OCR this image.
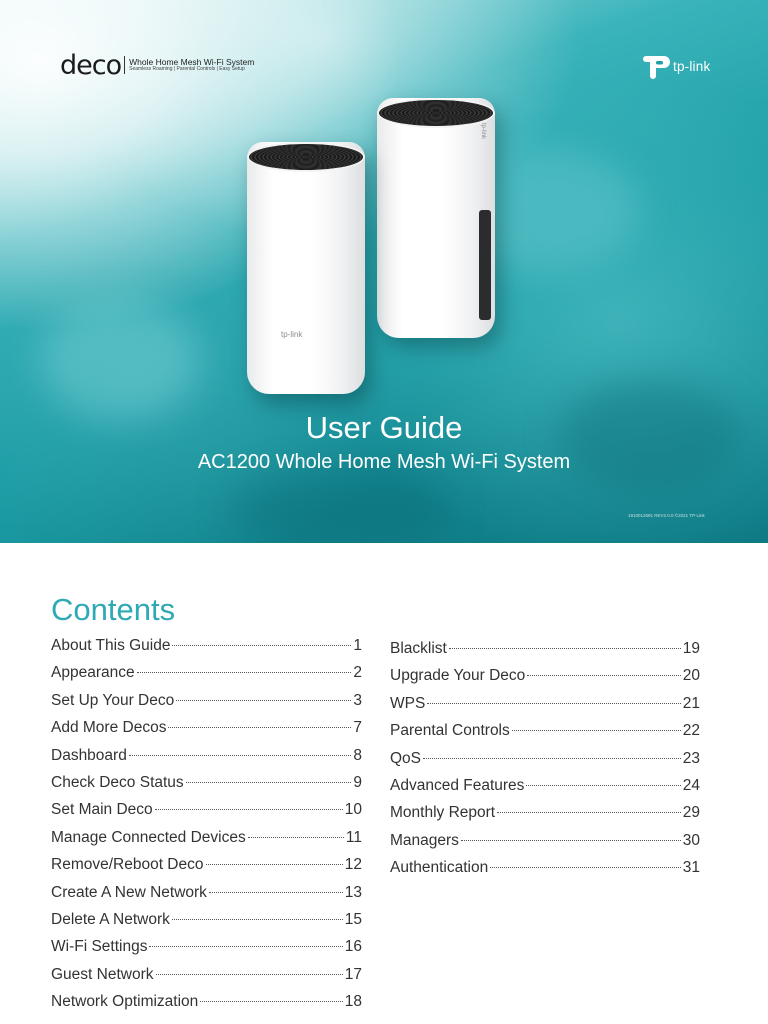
deco Whole Home Mesh Wi-Fi System
Seamless Roaming | Parental Controls | Easy Setup	tp-link
tp-link
tp-link
User Guide
AC1200 Whole Home Mesh Wi-Fi System
1910012691 REV2.0.0 ©2021 TP-Link
Contents
About This Guide	1
Appearance	2
Set Up Your Deco	3
Add More Decos	7
Dashboard	8
Check Deco Status	9
Set Main Deco	10
Manage Connected Devices	11
Remove/Reboot Deco	12
Create A New Network	13
Delete A Network	15
Wi-Fi Settings	16
Guest Network	17
Network Optimization	18
Blacklist	19
Upgrade Your Deco	20
WPS	21
Parental Controls	22
QoS	23
Advanced Features	24
Monthly Report	29
Managers	30
Authentication	31
